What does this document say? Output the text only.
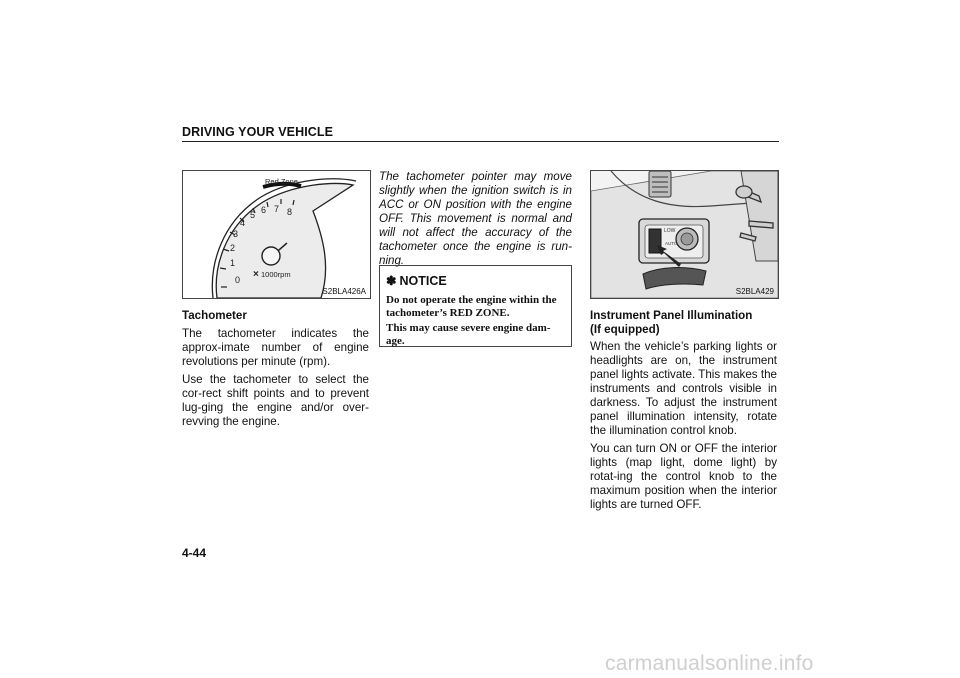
DRIVING YOUR VEHICLE
0
1
2
3
4
5 6 7 8
Red Zone
× 1000rpm
S2BLA426A

Tachometer

The tachometer indicates the approx-imate number of engine revolutions per minute (rpm).

Use the tachometer to select the cor-rect shift points and to prevent lug-ging the engine and/or over-revving the engine.

The tachometer pointer may move slightly when the ignition switch is in ACC or ON position with the engine OFF. This movement is normal and will not affect the accuracy of the tachometer once the engine is run-ning.

✽ NOTICE

Do not operate the engine within the tachometer’s RED ZONE.

This may cause severe engine dam-age.

LOW
AUTO
S2BLA429

Instrument Panel Illumination
(If equipped)

When the vehicle’s parking lights or headlights are on, the instrument panel lights activate. This makes the instruments and controls visible in darkness. To adjust the instrument panel illumination intensity, rotate the illumination control knob.

You can turn ON or OFF the interior lights (map light, dome light) by rotat-ing the control knob to the maximum position when the interior lights are turned OFF.

4-44
carmanualsonline.info
